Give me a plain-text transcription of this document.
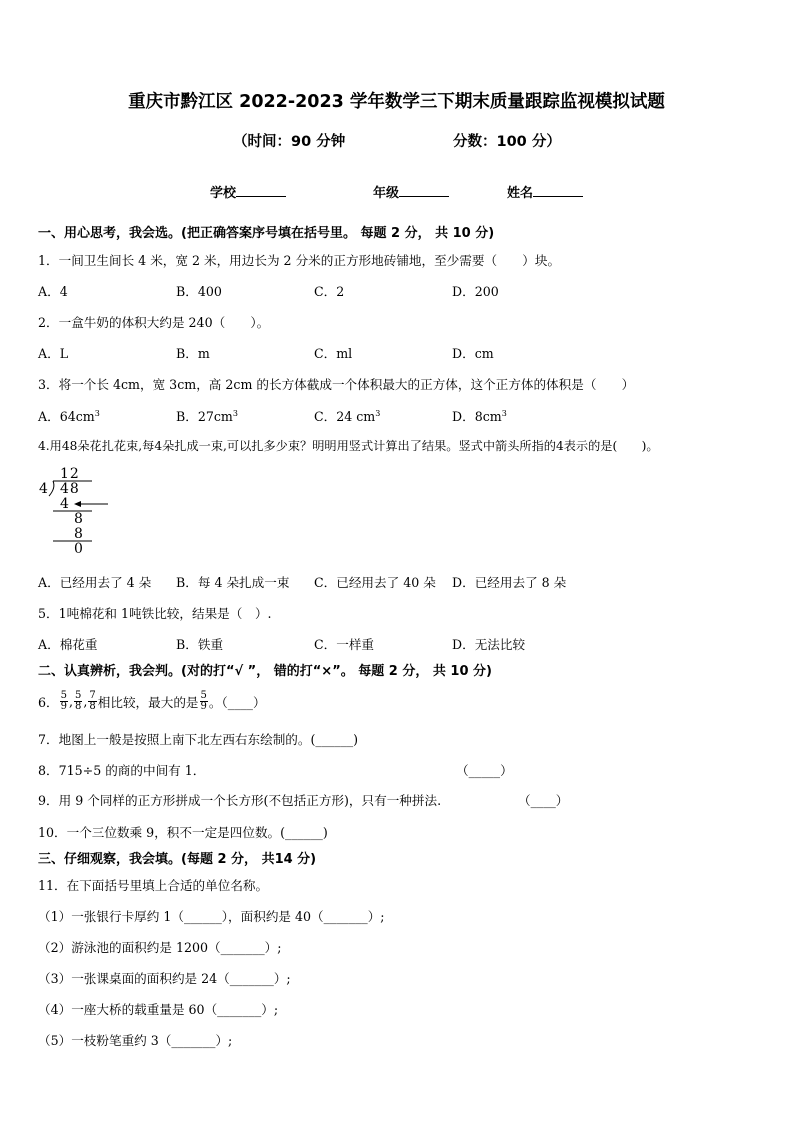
重庆市黔江区 2022-2023 学年数学三下期末质量跟踪监视模拟试题
（时间：90 分钟	分数：100 分）
学校	年级	姓名
一、用心思考，我会选。(把正确答案序号填在括号里。 每题 2 分， 共 10 分)
1．一间卫生间长 4 米，宽 2 米，用边长为 2 分米的正方形地砖铺地，至少需要（　　）块。
A．4	B．400	C．2	D．200
2．一盒牛奶的体积大约是 240（　　）。
A．L	B．m	C．ml	D．cm
3．将一个长 4cm，宽 3cm，高 2cm 的长方体截成一个体积最大的正方体，这个正方体的体积是（　　）
A．$64cm^3$	B．$27cm^3$	C．24 $cm^3$	D．$8cm^3$
4.用48朵花扎花束,每4朵扎成一束,可以扎多少束？明明用竖式计算出了结果。竖式中箭头所指的4表示的是(　　)。
12
4 48
4
8
8
0
A．已经用去了 4 朵 B．每 4 朵扎成一束 C．已经用去了 40 朵 D．已经用去了 8 朵
5．1吨棉花和 1吨铁比较，结果是（　）.
A．棉花重	B．铁重	C．一样重	D．无法比较
二、认真辨析，我会判。(对的打“√ ”， 错的打“×”。 每题 2 分， 共 10 分)
6． $\frac{5}{9}$ , $\frac{5}{8}$ , $\frac{7}{8}$ 相比较，最大的是 $\frac{5}{9}$ 。（____）
7．地图上一般是按照上南下北左西右东绘制的。(______)
8．715÷5 的商的中间有 1．	（_____）
9．用 9 个同样的正方形拼成一个长方形(不包括正方形)，只有一种拼法.	（____）
10．一个三位数乘 9，积不一定是四位数。(______)
三、仔细观察，我会填。(每题 2 分， 共14 分)
11．在下面括号里填上合适的单位名称。
（1）一张银行卡厚约 1（______），面积约是 40（_______）;
（2）游泳池的面积约是 1200（_______）;
（3）一张课桌面的面积约是 24（_______）;
（4）一座大桥的载重量是 60（_______）;
（5）一枝粉笔重约 3（_______）;
